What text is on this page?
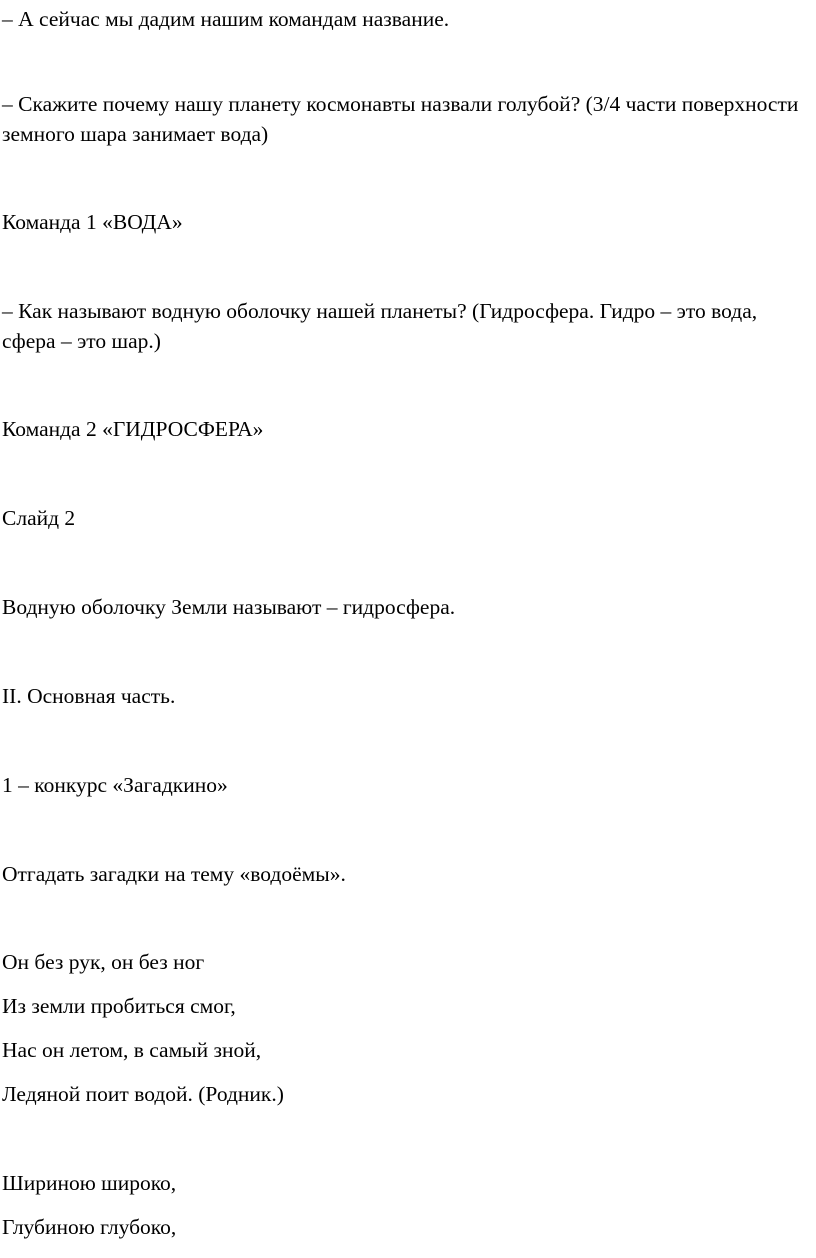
– А сейчас мы дадим нашим командам название.

– Скажите почему нашу планету космонавты назвали голубой? (3/4 части поверхности земного шара занимает вода)

Команда 1 «ВОДА»

– Как называют водную оболочку нашей планеты? (Гидросфера. Гидро – это вода, сфера – это шар.)

Команда 2 «ГИДРОСФЕРА»

Слайд 2

Водную оболочку Земли называют – гидросфера.

II. Основная часть.

1 – конкурс «Загадкино»

Отгадать загадки на тему «водоёмы».

Он без рук, он без ног

Из земли пробиться смог,

Нас он летом, в самый зной,

Ледяной поит водой. (Родник.)

Шириною широко,

Глубиною глубоко,
